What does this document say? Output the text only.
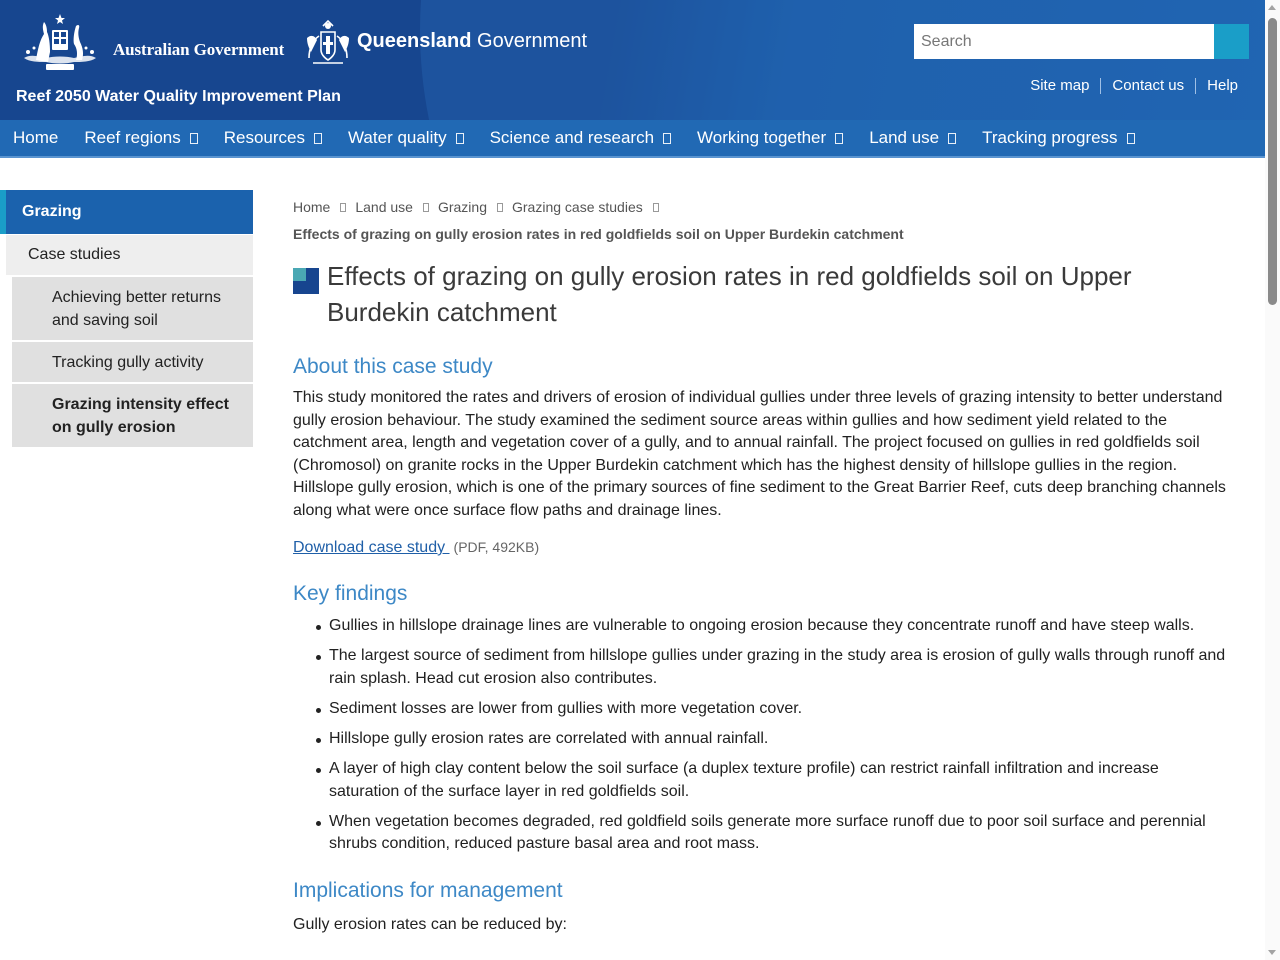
Australian Government	Queensland Government
Reef 2050 Water Quality Improvement Plan
Search
Site map Contact us Help
Home Reef regions	Resources	Water quality	Science and research	Working together	Land use	Tracking progress
Grazing
Case studies
Achieving better returns and saving soil
Tracking gully activity
Grazing intensity effect on gully erosion
Home Land use Grazing Grazing case studies
Effects of grazing on gully erosion rates in red goldfields soil on Upper Burdekin catchment
Effects of grazing on gully erosion rates in red goldfields soil on Upper Burdekin catchment
About this case study

This study monitored the rates and drivers of erosion of individual gullies under three levels of grazing intensity to better understand gully erosion behaviour. The study examined the sediment source areas within gullies and how sediment yield related to the catchment area, length and vegetation cover of a gully, and to annual rainfall. The project focused on gullies in red goldfields soil (Chromosol) on granite rocks in the Upper Burdekin catchment which has the highest density of hillslope gullies in the region. Hillslope gully erosion, which is one of the primary sources of fine sediment to the Great Barrier Reef, cuts deep branching channels along what were once surface flow paths and drainage lines.

Download case study (PDF, 492KB)
Key findings
Gullies in hillslope drainage lines are vulnerable to ongoing erosion because they concentrate runoff and have steep walls.
The largest source of sediment from hillslope gullies under grazing in the study area is erosion of gully walls through runoff and rain splash. Head cut erosion also contributes.
Sediment losses are lower from gullies with more vegetation cover.
Hillslope gully erosion rates are correlated with annual rainfall.
A layer of high clay content below the soil surface (a duplex texture profile) can restrict rainfall infiltration and increase saturation of the surface layer in red goldfields soil.
When vegetation becomes degraded, red goldfield soils generate more surface runoff due to poor soil surface and perennial shrubs condition, reduced pasture basal area and root mass.
Implications for management

Gully erosion rates can be reduced by:
